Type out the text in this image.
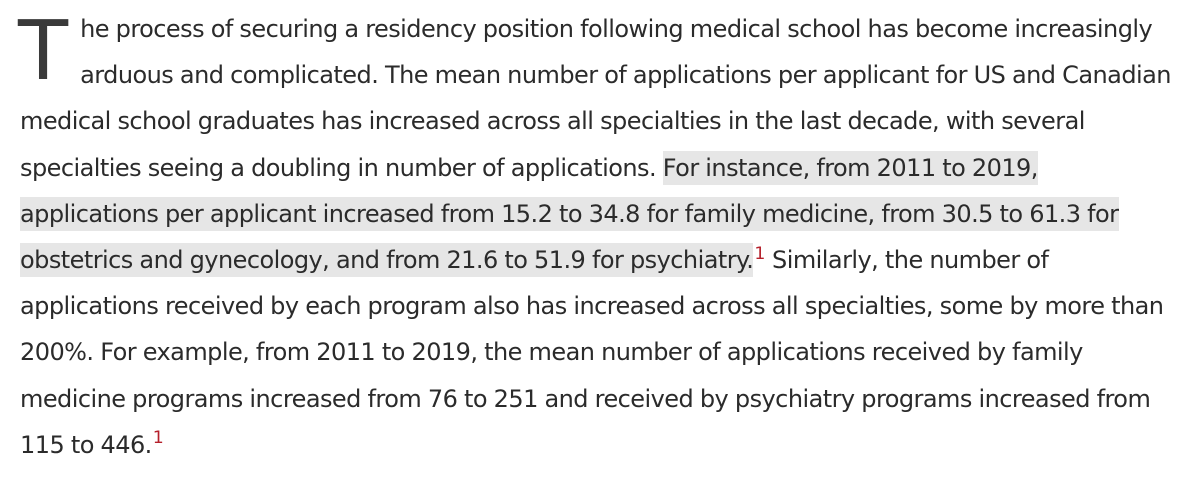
The process of securing a residency position following medical school has become increasingly arduous and complicated. The mean number of applications per applicant for US and Canadian medical school graduates has increased across all specialties in the last decade, with several specialties seeing a doubling in number of applications. For instance, from 2011 to 2019, applications per applicant increased from 15.2 to 34.8 for family medicine, from 30.5 to 61.3 for obstetrics and gynecology, and from 21.6 to 51.9 for psychiatry.$^1$ Similarly, the number of applications received by each program also has increased across all specialties, some by more than 200%. For example, from 2011 to 2019, the mean number of applications received by family medicine programs increased from 76 to 251 and received by psychiatry programs increased from 115 to 446.$^1$
